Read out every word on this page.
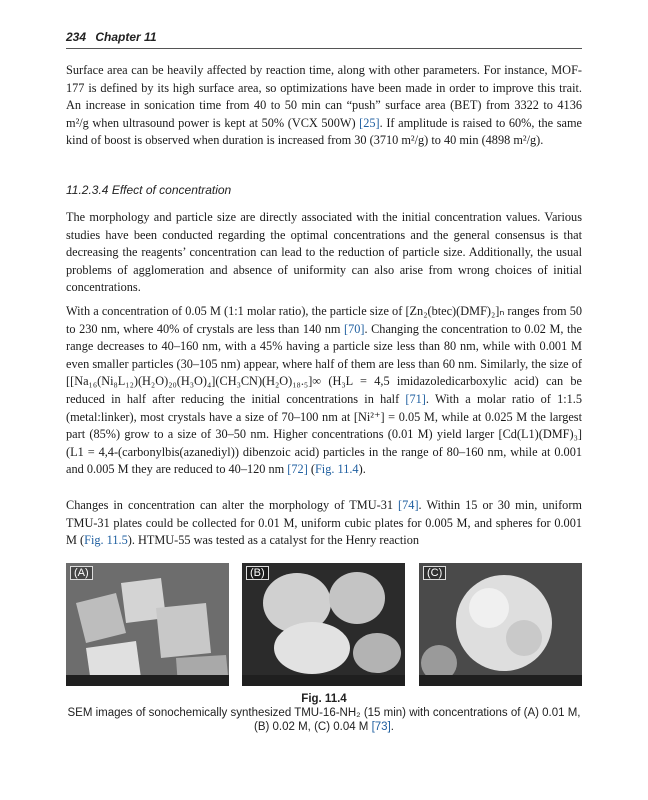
234 Chapter 11

Surface area can be heavily affected by reaction time, along with other parameters. For instance, MOF-177 is defined by its high surface area, so optimizations have been made in order to improve this trait. An increase in sonication time from 40 to 50 min can “push” surface area (BET) from 3322 to 4136 m²/g when ultrasound power is kept at 50% (VCX 500W) [25]. If amplitude is raised to 60%, the same kind of boost is observed when duration is increased from 30 (3710 m²/g) to 40 min (4898 m²/g).

11.2.3.4 Effect of concentration

The morphology and particle size are directly associated with the initial concentration values. Various studies have been conducted regarding the optimal concentrations and the general consensus is that decreasing the reagents’ concentration can lead to the reduction of particle size. Additionally, the usual problems of agglomeration and absence of uniformity can also arise from wrong choices of initial concentrations.

With a concentration of 0.05 M (1:1 molar ratio), the particle size of [Zn₂(btec)(DMF)₂]ₙ ranges from 50 to 230 nm, where 40% of crystals are less than 140 nm [70]. Changing the concentration to 0.02 M, the range decreases to 40–160 nm, with a 45% having a particle size less than 80 nm, while with 0.001 M even smaller particles (30–105 nm) appear, where half of them are less than 60 nm. Similarly, the size of [[Na₁₆(Ni₈L₁₂)(H₂O)₂₀(H₃O)₄](CH₃CN)(H₂O)₁₈.₅]∞ (H₃L = 4,5 imidazoledicarboxylic acid) can be reduced in half after reducing the initial concentrations in half [71]. With a molar ratio of 1:1.5 (metal:linker), most crystals have a size of 70–100 nm at [Ni²⁺] = 0.05 M, while at 0.025 M the largest part (85%) grow to a size of 30–50 nm. Higher concentrations (0.01 M) yield larger [Cd(L1)(DMF)₃] (L1 = 4,4-(carbonylbis(azanediyl)) dibenzoic acid) particles in the range of 80–160 nm, while at 0.001 and 0.005 M they are reduced to 40–120 nm [72] (Fig. 11.4).

Changes in concentration can alter the morphology of TMU-31 [74]. Within 15 or 30 min, uniform TMU-31 plates could be collected for 0.01 M, uniform cubic plates for 0.005 M, and spheres for 0.001 M (Fig. 11.5). HTMU-55 was tested as a catalyst for the Henry reaction

(A)	(B)	(C)
Fig. 11.4
SEM images of sonochemically synthesized TMU-16-NH₂ (15 min) with concentrations of (A) 0.01 M, (B) 0.02 M, (C) 0.04 M [73].
